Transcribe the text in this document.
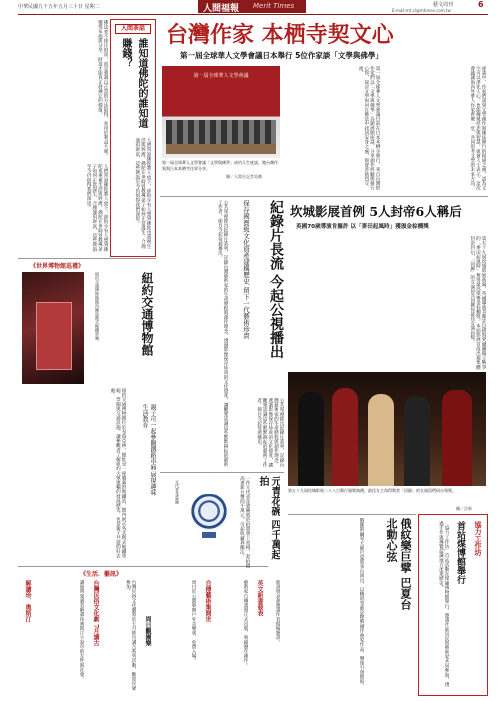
中華民國九十五年五月三十日 星期二	人間福報 Merit Times	藝文周刊	6
E-mail:mt.cl@mtimes.com.tw
佛法並不排斥財富，而是強調以正當的方法取得，並用於利益大眾。懂得布施與分享，財富才能真正發揮它的價值。	人間茶話
誰知道佛陀的誰知道賺錢？
人們常說佛陀教人放下，卻很少有人想到佛陀也重視生活與經濟。佛陀在世時曾教導弟子如何正當謀生、合理運用財富，這些教誨至今仍值得我們深思。
人們常說佛陀教人放下，卻很少有人想到佛陀也重視生活與經濟。佛陀在世時曾教導弟子如何正當謀生、合理運用財富，這些教誨至今仍值得我們深思。
《世界博物館巡禮》
紐約交通博物館館內陳設舊式地鐵車廂。	紐約交通博物館
親子可一起參觀鐵路車廂 展現趣味生活教育
紐約交通博物館位於布魯克林，館址是一座廢棄的地鐵站，館內展示各式舊式地鐵車廂、票閘與交通設施，讓參觀者了解紐約大眾運輸的發展歷史，也是親子共遊的好去處。
《生活．藝訊》
解讀珍．奧斯汀	講座帶領讀者解讀珍奧斯汀小說中的女性與社會。	台灣民俗文化劇 7月講古	台灣民俗文化劇將於七月推出講古系列活動，歡迎民眾參加。
周日觀園樂	周日於公園舉辦戶外音樂會，免費入場。	自傳藝術集開世	藝術家自傳畫冊正式出版，收錄歷年創作。	英文新書發表	新書發表會邀請作者現場簽書。
台灣作家 本栖寺契文心
第一屆全球華人文學會議日本舉行 5位作家談「文學與佛學」
第一屆全球華人文學會議
第一屆全球華人文學會議「文學與佛學」成約人生座談，邀台灣作家與日本本栖寺住眾分享。
攝／人間社記者吳徹	第一屆全球華人文學會議日前在日本本栖寺舉行，來自台灣的作家們以「文學與佛學」為題展開座談，分享創作經驗與修行心得，探討文學如何在佛法中找到安身之處，與會者熱烈交流。	座談中，作家們談到文學創作與佛法修行的相通之處，認為文字可以淨化人心，也能傳遞慈悲與智慧。與會人士表示，這次會議讓海內外華人作家齊聚一堂，共同思考文學的未來方向。
紀錄片長流 今起公視播出
保存國寶級文化資產建構歷史 留下一代藝術珍貴
公共電視推出紀錄片系列，記錄台灣藝術家的生命歷程與創作理念，透過影像保存珍貴的文化資產，讓觀眾認識這些默默耕耘的藝術工作者。節目今起每週播出。
公共電視推出紀錄片系列，記錄台灣藝術家的生命歷程與創作理念，透過影像保存珍貴的文化資產，讓觀眾認識這些默默耕耘的藝術工作者。節目今起每週播出。
坎城影展首例 5人封帝6人稱后
英國70歲導演肯羅許 以「麥田起風時」獲頒金棕櫚獎
第五十九屆坎城影展落幕，英國導演肯羅許以描寫愛爾蘭獨立戰爭的「麥田起風時」奪得最高榮譽金棕櫚獎。本屆影展首度出現集體封帝封后，「回歸」的女演員共同獲得最佳女演員獎。
第五十九屆坎城影展二十八日舉行頒獎典禮，最佳女主角得獎者「回歸」的女演員們同台領獎。
攝／法新
元青花碗 四千萬起拍
一件元代青花瓷碗將於拍賣會上亮相，起拍價高達新台幣四千萬元，引起收藏界關注。
元代青花瓷碗
俄紋樂巨擘 巴夏台北動心弦
俄羅斯鋼琴大師巴夏將來台演出，以精湛琴藝詮釋俄國作曲家作品，樂迷引頸期盼。	協力工作坊
首站煤博館舉行
「協力工作坊」首站活動在煤礦博物館舉行，邀請社區居民與藝術家共同參與，透過手作與導覽認識地方產業歷史。
